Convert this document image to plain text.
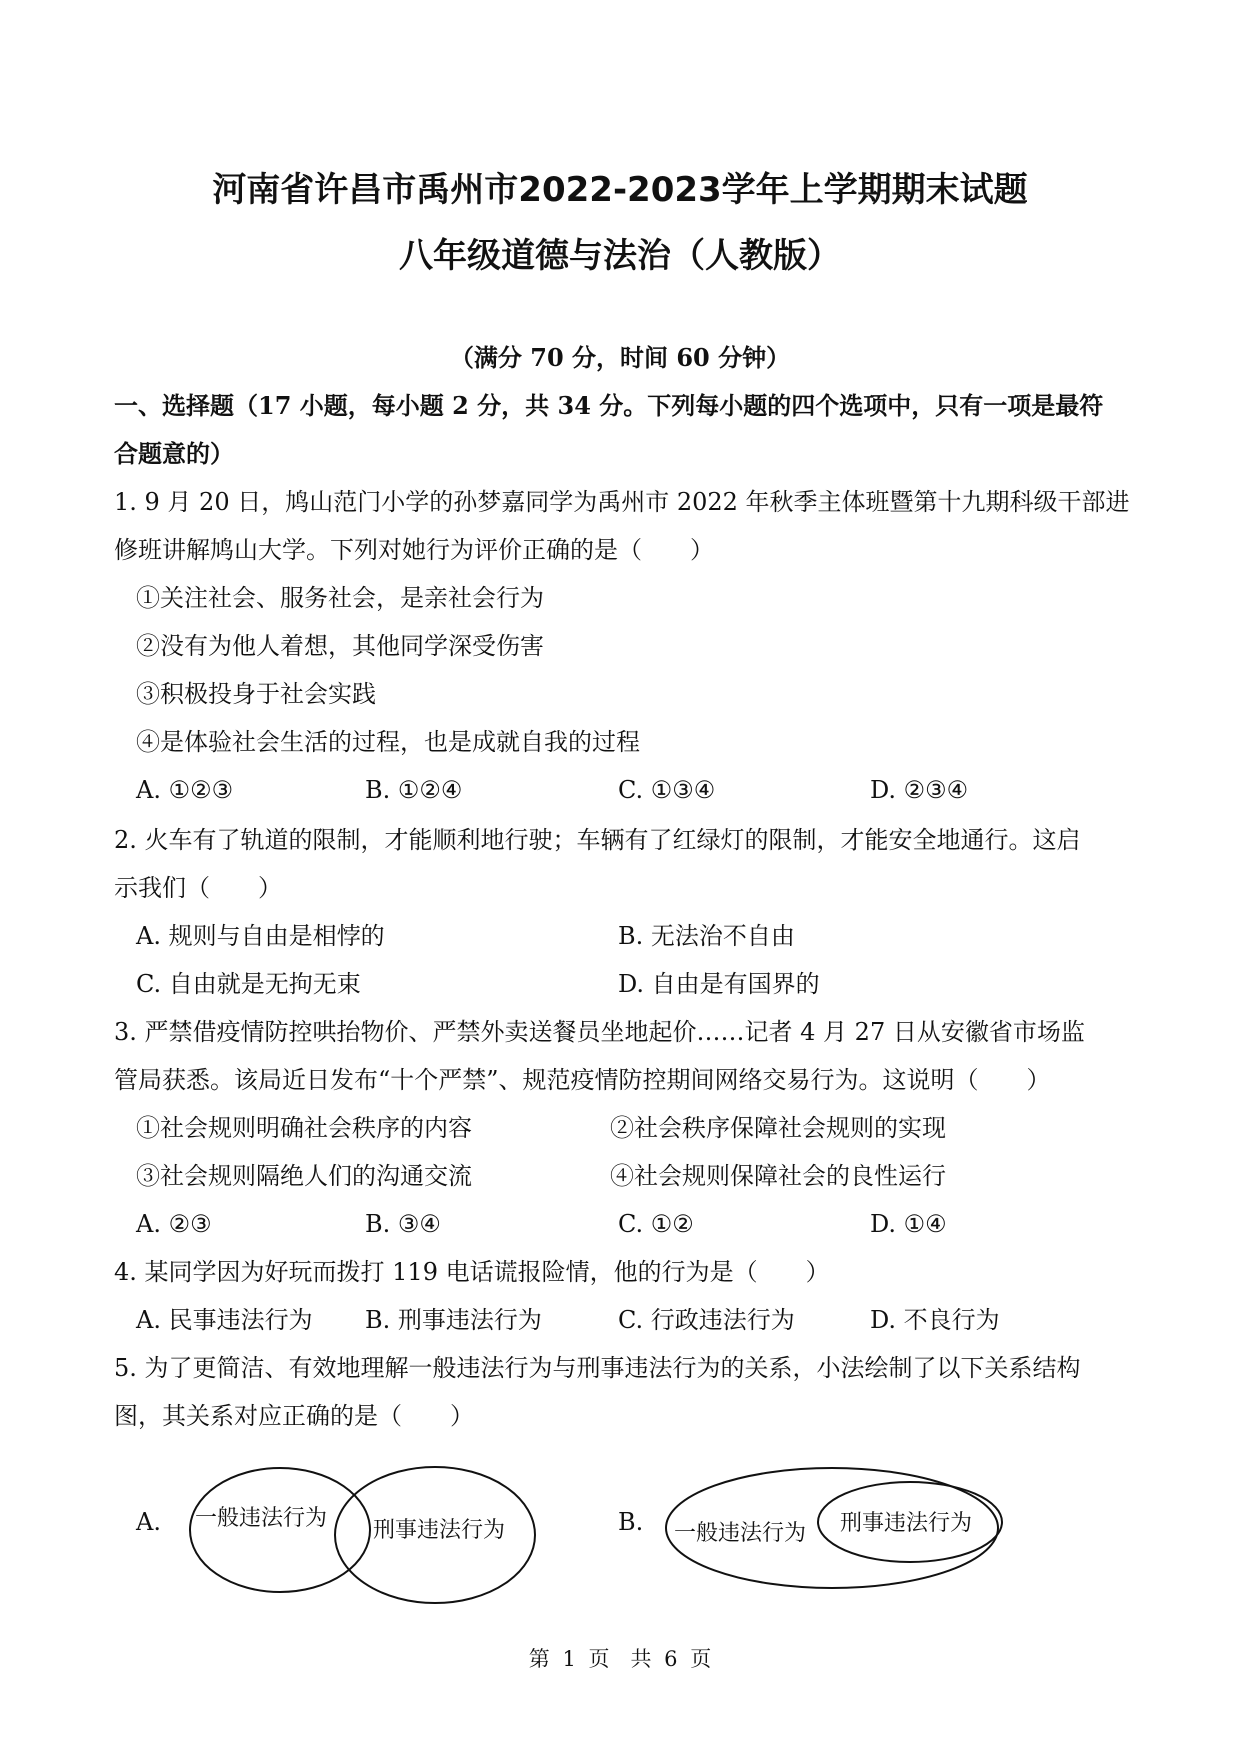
河南省许昌市禹州市2022-2023学年上学期期末试题
八年级道德与法治（人教版）
（满分 70 分，时间 60 分钟）
一、选择题（17 小题，每小题 2 分，共 34 分。下列每小题的四个选项中，只有一项是最符
合题意的）
1. 9 月 20 日，鸠山范门小学的孙梦嘉同学为禹州市 2022 年秋季主体班暨第十九期科级干部进
修班讲解鸠山大学。下列对她行为评价正确的是（　　）
①关注社会、服务社会，是亲社会行为
②没有为他人着想，其他同学深受伤害
③积极投身于社会实践
④是体验社会生活的过程，也是成就自我的过程
A. ①②③	B. ①②④	C. ①③④	D. ②③④
2. 火车有了轨道的限制，才能顺利地行驶；车辆有了红绿灯的限制，才能安全地通行。这启
示我们（　　）
A. 规则与自由是相悖的	B. 无法治不自由
C. 自由就是无拘无束	D. 自由是有国界的
3. 严禁借疫情防控哄抬物价、严禁外卖送餐员坐地起价……记者 4 月 27 日从安徽省市场监
管局获悉。该局近日发布“十个严禁”、规范疫情防控期间网络交易行为。这说明（　　）
①社会规则明确社会秩序的内容	②社会秩序保障社会规则的实现
③社会规则隔绝人们的沟通交流	④社会规则保障社会的良性运行
A. ②③	B. ③④	C. ①②	D. ①④
4. 某同学因为好玩而拨打 119 电话谎报险情，他的行为是（　　）
A. 民事违法行为 B. 刑事违法行为	C. 行政违法行为	D. 不良行为
5. 为了更简洁、有效地理解一般违法行为与刑事违法行为的关系，小法绘制了以下关系结构
图，其关系对应正确的是（　　）
A. 一般违法行为 刑事违法行为	B. 一般违法行为 刑事违法行为
第 1 页　共 6 页
